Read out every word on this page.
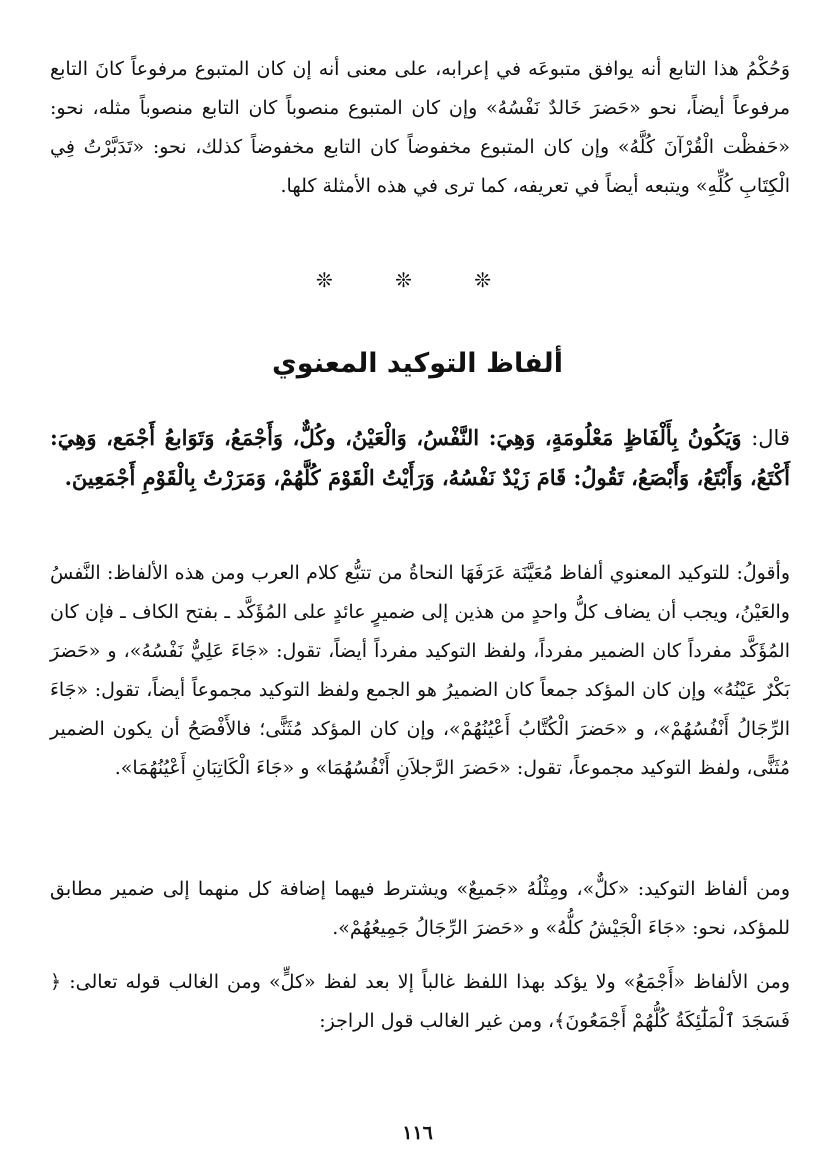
وَحُكْمُ هذا التابع أنه يوافق متبوعَه في إعرابه، على معنى أنه إن كان المتبوع مرفوعاً كانَ التابع مرفوعاً أيضاً، نحو «حَضرَ خَالدٌ نَفْسُهُ» وإن كان المتبوع منصوباً كان التابع منصوباً مثله، نحو: «حَفظْت الْقُرْآنَ كُلَّهُ» وإن كان المتبوع مخفوضاً كان التابع مخفوضاً كذلك، نحو: «تَدَبَّرْتُ فِي الْكِتَابِ كُلِّهِ» ويتبعه أيضاً في تعريفه، كما ترى في هذه الأمثلة كلها.

❊ ❊ ❊
ألفاظ التوكيد المعنوي

قال: وَيَكُونُ بِأَلْفَاظٍ مَعْلُومَةٍ، وَهِيَ: النَّفْسُ، وَالْعَيْنُ، وكُلٌّ، وَأَجْمَعُ، وَتَوَابعُ أَجْمَع، وَهِيَ: أَكْتَعُ، وَأَبْتَعُ، وَأَبْصَعُ، تَقُولُ: قَامَ زَيْدٌ نَفْسُهُ، وَرَأَيْتُ الْقَوْمَ كُلَّهُمْ، وَمَرَرْتُ بِالْقَوْمِ أَجْمَعِينَ.

وأقولُ: للتوكيد المعنوي ألفاظ مُعَيَّنَة عَرَفَهَا النحاةُ من تتبُّع كلام العرب ومن هذه الألفاظ: النَّفسُ والعَيْنُ، ويجب أن يضاف كلُّ واحدٍ من هذين إلى ضميرٍ عائدٍ على المُؤَكَّد ـ بفتح الكاف ـ فإن كان المُؤَكَّد مفرداً كان الضمير مفرداً، ولفظ التوكيد مفرداً أيضاً، تقول: «جَاءَ عَلِيٌّ نَفْسُهُ»، و «حَضرَ بَكْرٌ عَيْنُهُ» وإن كان المؤكد جمعاً كان الضميرُ هو الجمع ولفظ التوكيد مجموعاً أيضاً، تقول: «جَاءَ الرِّجَالُ أَنْفُسُهُمْ»، و «حَضرَ الْكُتَّابُ أَعْيُنُهُمْ»، وإن كان المؤكد مُثَنًّى؛ فالأَفْصَحُ أن يكون الضمير مُثَنًّى، ولفظ التوكيد مجموعاً، تقول: «حَضرَ الرَّجلاَنِ أَنْفُسُهُمَا» و «جَاءَ الْكَاتِبَانِ أَعْيُنُهُمَا».

ومن ألفاظ التوكيد: «كلٌّ»، ومِثْلُهُ «جَميعٌ» ويشترط فيهما إضافة كل منهما إلى ضمير مطابق للمؤكد، نحو: «جَاءَ الْجَيْشُ كلُّهُ» و «حَضرَ الرِّجَالُ جَمِيعُهُمْ».

ومن الألفاظ «أَجْمَعُ» ولا يؤكد بهذا اللفظ غالباً إلا بعد لفظ «كلٍّ» ومن الغالب قوله تعالى: ﴿ فَسَجَدَ ٱلْمَلَٰٓئِكَةُ كُلُّهُمْ أَجْمَعُونَ﴾، ومن غير الغالب قول الراجز:

١١٦
